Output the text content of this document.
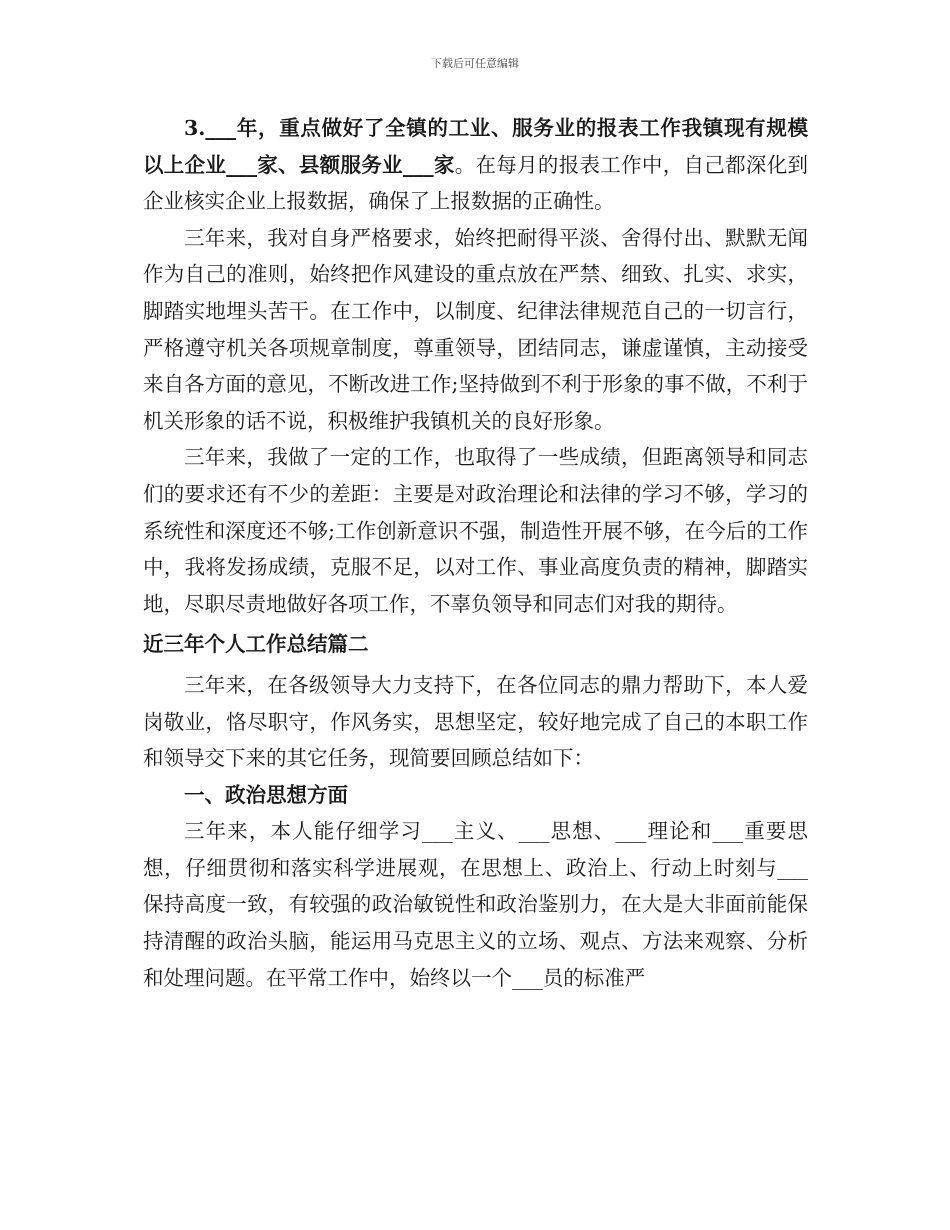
下载后可任意编辑

3.___年，重点做好了全镇的工业、服务业的报表工作我镇现有规模以上企业___家、县额服务业___家。在每月的报表工作中，自己都深化到企业核实企业上报数据，确保了上报数据的正确性。

三年来，我对自身严格要求，始终把耐得平淡、舍得付出、默默无闻作为自己的准则，始终把作风建设的重点放在严禁、细致、扎实、求实，脚踏实地埋头苦干。在工作中，以制度、纪律法律规范自己的一切言行，严格遵守机关各项规章制度，尊重领导，团结同志，谦虚谨慎，主动接受来自各方面的意见，不断改进工作;坚持做到不利于形象的事不做，不利于机关形象的话不说，积极维护我镇机关的良好形象。

三年来，我做了一定的工作，也取得了一些成绩，但距离领导和同志们的要求还有不少的差距：主要是对政治理论和法律的学习不够，学习的系统性和深度还不够;工作创新意识不强，制造性开展不够，在今后的工作中，我将发扬成绩，克服不足，以对工作、事业高度负责的精神，脚踏实地，尽职尽责地做好各项工作，不辜负领导和同志们对我的期待。

近三年个人工作总结篇二

三年来，在各级领导大力支持下，在各位同志的鼎力帮助下，本人爱岗敬业，恪尽职守，作风务实，思想坚定，较好地完成了自己的本职工作和领导交下来的其它任务，现简要回顾总结如下：

一、政治思想方面

三年来，本人能仔细学习___主义、___思想、___理论和___重要思想，仔细贯彻和落实科学进展观，在思想上、政治上、行动上时刻与___保持高度一致，有较强的政治敏锐性和政治鉴别力，在大是大非面前能保持清醒的政治头脑，能运用马克思主义的立场、观点、方法来观察、分析和处理问题。在平常工作中，始终以一个___员的标准严
